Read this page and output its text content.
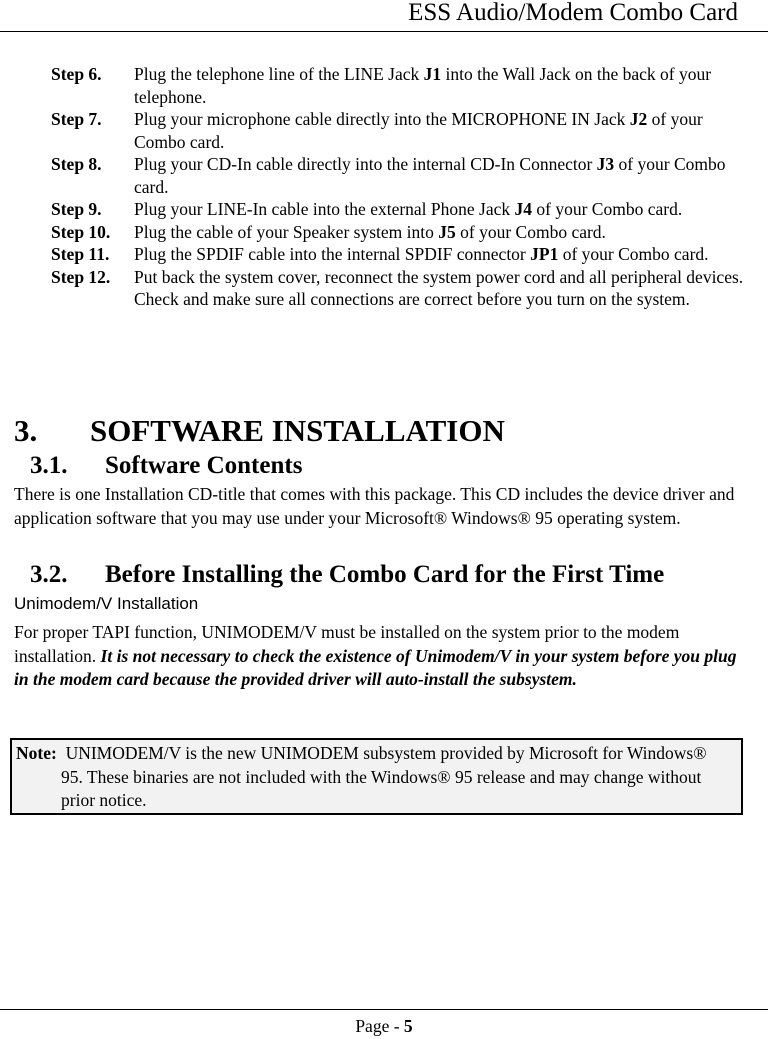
ESS Audio/Modem Combo Card
Step 6.	Plug the telephone line of the LINE Jack J1 into the Wall Jack on the back of your telephone.
Step 7.	Plug your microphone cable directly into the MICROPHONE IN Jack J2 of your Combo card.
Step 8.	Plug your CD-In cable directly into the internal CD-In Connector J3 of your Combo card.
Step 9.	Plug your LINE-In cable into the external Phone Jack J4 of your Combo card.
Step 10.	Plug the cable of your Speaker system into J5 of your Combo card.
Step 11.	Plug the SPDIF cable into the internal SPDIF connector JP1 of your Combo card.
Step 12.	Put back the system cover, reconnect the system power cord and all peripheral devices. Check and make sure all connections are correct before you turn on the system.
3. SOFTWARE INSTALLATION
3.1. Software Contents
There is one Installation CD-title that comes with this package. This CD includes the device driver and application software that you may use under your Microsoft® Windows® 95 operating system.
3.2. Before Installing the Combo Card for the First Time
Unimodem/V Installation
For proper TAPI function, UNIMODEM/V must be installed on the system prior to the modem installation. It is not necessary to check the existence of Unimodem/V in your system before you plug in the modem card because the provided driver will auto-install the subsystem.
Note: UNIMODEM/V is the new UNIMODEM subsystem provided by Microsoft for Windows® 95. These binaries are not included with the Windows® 95 release and may change without prior notice.
Page - 5
